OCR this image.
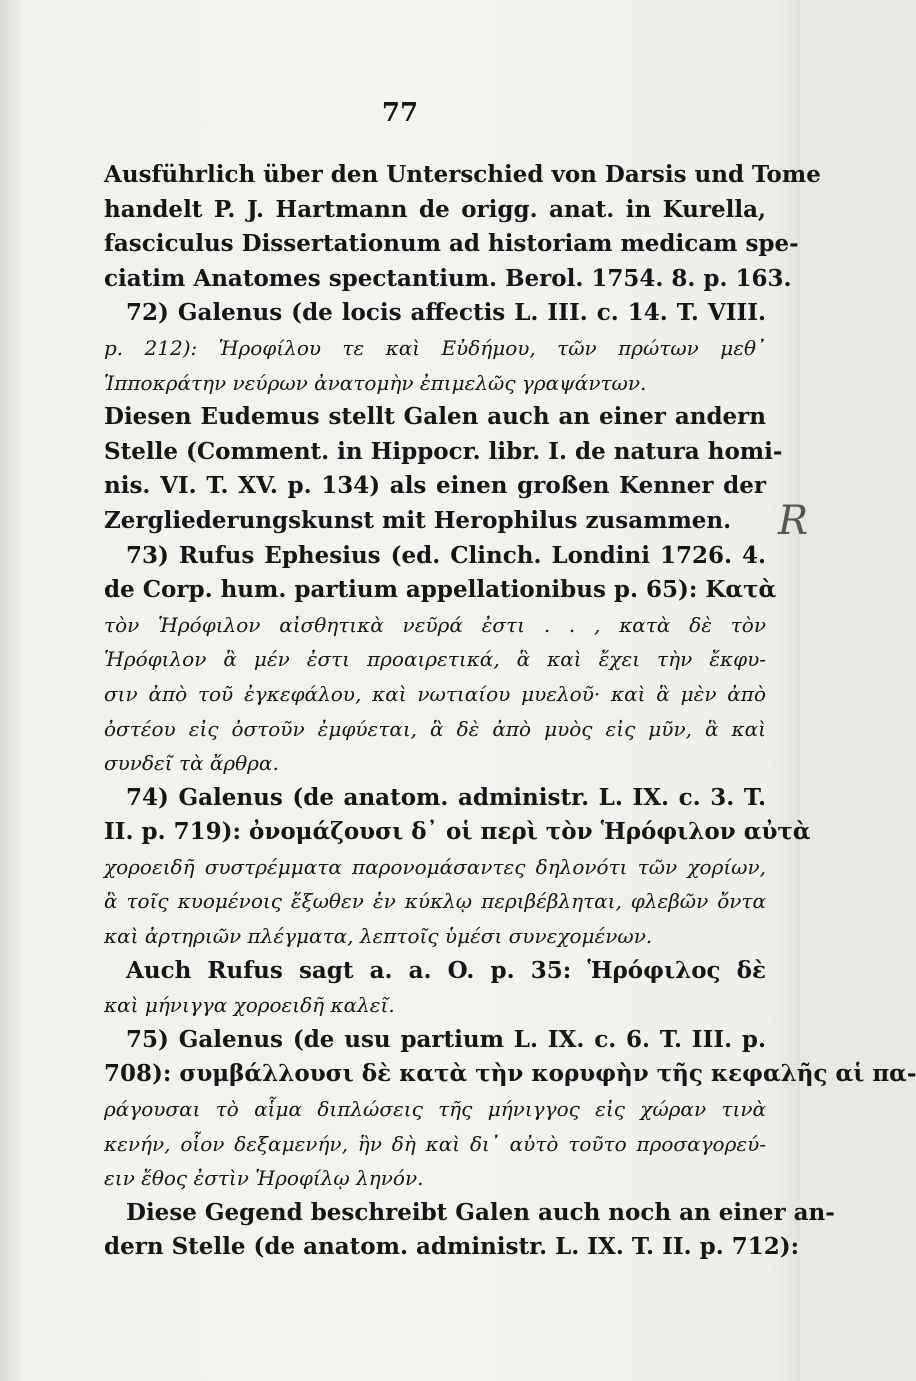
77
Ausführlich über den Unterschied von Darsis und Tome
handelt P. J. Hartmann de origg. anat. in Kurella,
fasciculus Dissertationum ad historiam medicam spe-
ciatim Anatomes spectantium. Berol. 1754. 8. p. 163.
72) Galenus (de locis affectis L. III. c. 14. T. VIII.
p. 212): Ἡροφίλου τε καὶ Εὐδήμου, τῶν πρώτων μεθ᾽
Ἱπποκράτην νεύρων ἀνατομὴν ἐπιμελῶς γραψάντων.
Diesen Eudemus stellt Galen auch an einer andern
Stelle (Comment. in Hippocr. libr. I. de natura homi-
nis. VI. T. XV. p. 134) als einen großen Kenner der
Zergliederungskunst mit Herophilus zusammen.
73) Rufus Ephesius (ed. Clinch. Londini 1726. 4.
de Corp. hum. partium appellationibus p. 65): Κατὰ
τὸν Ἡρόφιλον αἰσθητικὰ νεῦρά ἐστι . . , κατὰ δὲ τὸν
Ἡρόφιλον ἃ μέν ἐστι προαιρετικά, ἃ καὶ ἔχει τὴν ἔκφυ-
σιν ἀπὸ τοῦ ἐγκεφάλου, καὶ νωτιαίου μυελοῦ· καὶ ἃ μὲν ἀπὸ
ὀστέου εἰς ὀστοῦν ἐμφύεται, ἃ δὲ ἀπὸ μυὸς εἰς μῦν, ἃ καὶ
συνδεῖ τὰ ἄρθρα.
74) Galenus (de anatom. administr. L. IX. c. 3. T.
II. p. 719): ὀνομάζουσι δ᾽ οἱ περὶ τὸν Ἡρόφιλον αὐτὰ
χοροειδῆ συστρέμματα παρονομάσαντες δηλονότι τῶν χορίων,
ἃ τοῖς κυομένοις ἔξωθεν ἐν κύκλῳ περιβέβληται, φλεβῶν ὄντα
καὶ ἀρτηριῶν πλέγματα, λεπτοῖς ὑμέσι συνεχομένων.
Auch Rufus sagt a. a. O. p. 35: Ἡρόφιλος δὲ
καὶ μήνιγγα χοροειδῆ καλεῖ.
75) Galenus (de usu partium L. IX. c. 6. T. III. p.
708): συμβάλλουσι δὲ κατὰ τὴν κορυφὴν τῆς κεφαλῆς αἱ πα-
ράγουσαι τὸ αἷμα διπλώσεις τῆς μήνιγγος εἰς χώραν τινὰ
κενήν, οἷον δεξαμενήν, ἣν δὴ καὶ δι᾽ αὐτὸ τοῦτο προσαγορεύ-
ειν ἔθος ἐστὶν Ἡροφίλῳ ληνόν.
Diese Gegend beschreibt Galen auch noch an einer an-
dern Stelle (de anatom. administr. L. IX. T. II. p. 712):
R
